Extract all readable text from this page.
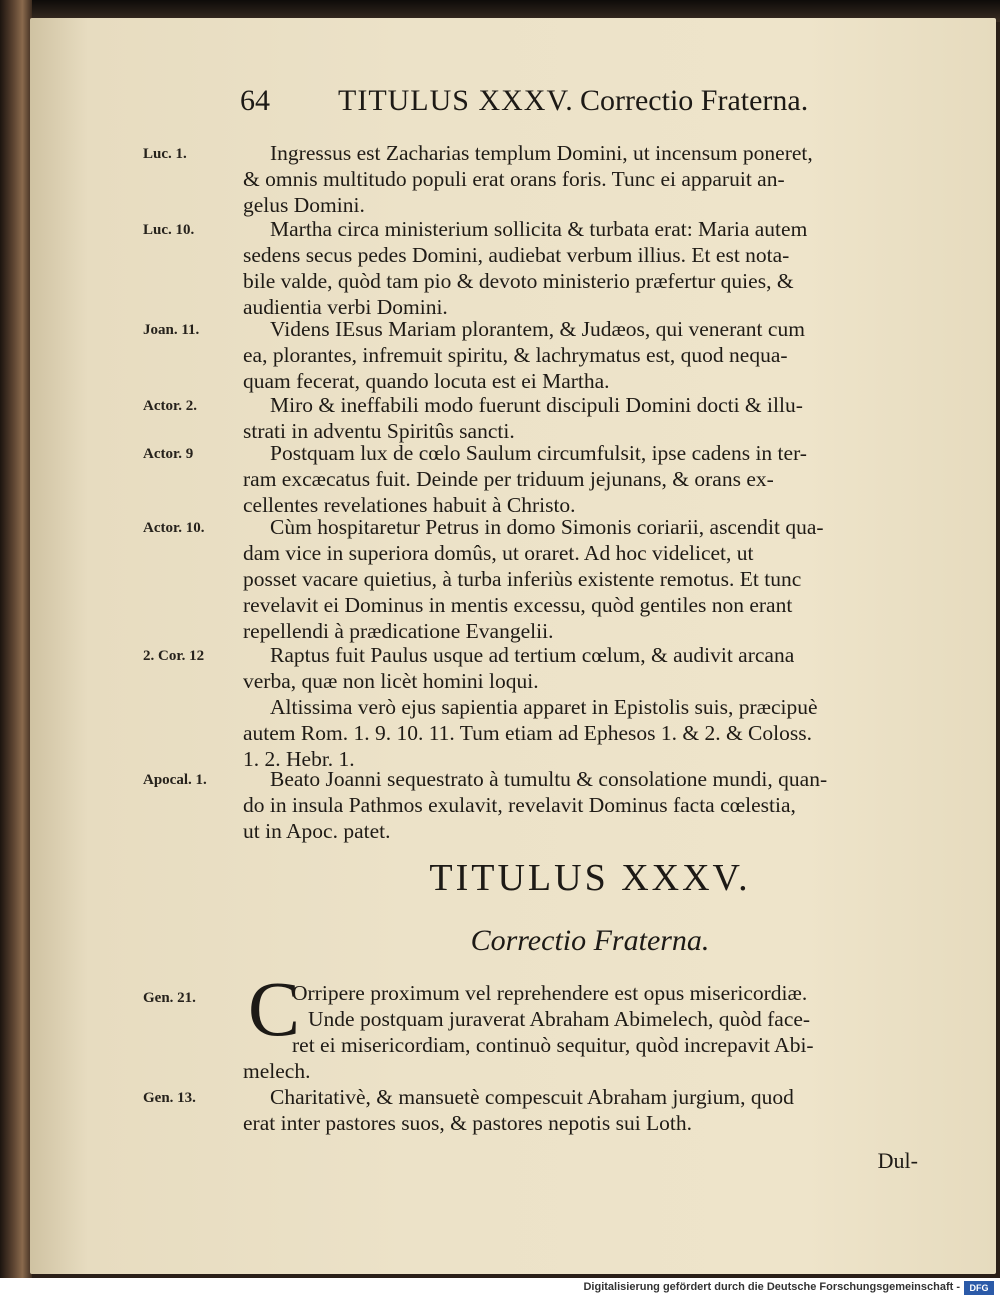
64 TITULUS XXXV. Correctio Fraterna.
Luc. 1.	Ingressus est Zacharias templum Domini, ut incensum poneret,
& omnis multitudo populi erat orans foris. Tunc ei apparuit an-
gelus Domini.
Luc. 10.	Martha circa ministerium sollicita & turbata erat: Maria autem
sedens secus pedes Domini, audiebat verbum illius. Et est nota-
bile valde, quòd tam pio & devoto ministerio præfertur quies, &
audientia verbi Domini.
Joan. 11.	Videns IEsus Mariam plorantem, & Judæos, qui venerant cum
ea, plorantes, infremuit spiritu, & lachrymatus est, quod nequa-
quam fecerat, quando locuta est ei Martha.
Actor. 2.	Miro & ineffabili modo fuerunt discipuli Domini docti & illu-
strati in adventu Spiritûs sancti.
Actor. 9	Postquam lux de cœlo Saulum circumfulsit, ipse cadens in ter-
ram excæcatus fuit. Deinde per triduum jejunans, & orans ex-
cellentes revelationes habuit à Christo.
Actor. 10.	Cùm hospitaretur Petrus in domo Simonis coriarii, ascendit qua-
dam vice in superiora domûs, ut oraret. Ad hoc videlicet, ut
posset vacare quietius, à turba inferiùs existente remotus. Et tunc
revelavit ei Dominus in mentis excessu, quòd gentiles non erant
repellendi à prædicatione Evangelii.
2. Cor. 12	Raptus fuit Paulus usque ad tertium cœlum, & audivit arcana
verba, quæ non licèt homini loqui.
Altissima verò ejus sapientia apparet in Epistolis suis, præcipuè
autem Rom. 1. 9. 10. 11. Tum etiam ad Ephesos 1. & 2. & Coloss.
1. 2. Hebr. 1.
Apocal. 1.	Beato Joanni sequestrato à tumultu & consolatione mundi, quan-
do in insula Pathmos exulavit, revelavit Dominus facta cœlestia,
ut in Apoc. patet.
TITULUS XXXV.
Correctio Fraterna.
Gen. 21. C
Orripere proximum vel reprehendere est opus misericordiæ.
Unde postquam juraverat Abraham Abimelech, quòd face-
ret ei misericordiam, continuò sequitur, quòd increpavit Abi-
melech.
Gen. 13.	Charitativè, & mansuetè compescuit Abraham jurgium, quod
erat inter pastores suos, & pastores nepotis sui Loth.
Dul-
Digitalisierung gefördert durch die Deutsche Forschungsgemeinschaft -	DFG
